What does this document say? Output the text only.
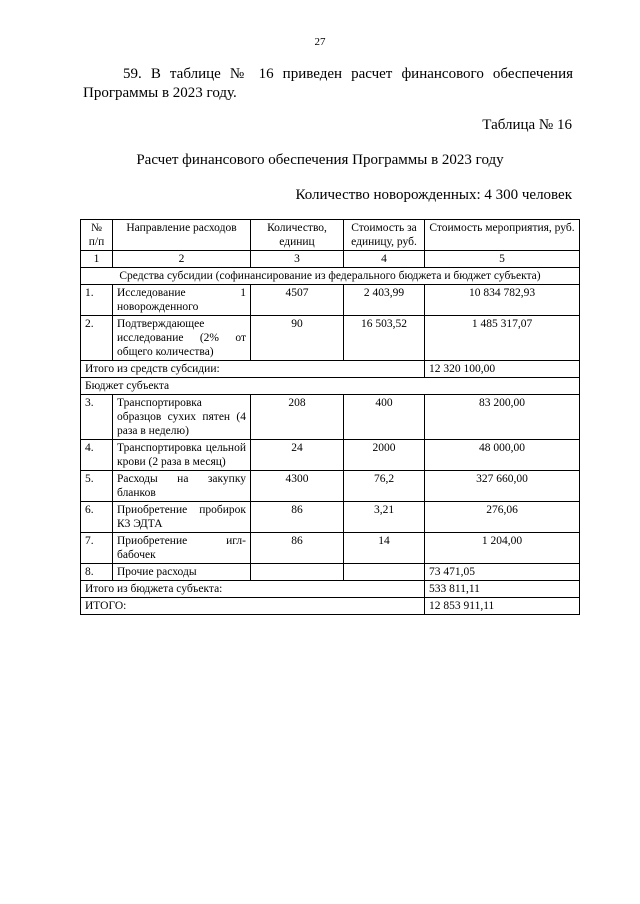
27

59. В таблице № 16 приведен расчет финансового обеспечения Программы в 2023 году.

Таблица № 16
Расчет финансового обеспечения Программы в 2023 году
Количество новорожденных: 4 300 человек
№ п/п	Направление расходов	Количество, единиц	Стоимость за единицу, руб.	Стоимость мероприятия, руб.
1	2	3	4	5
Средства субсидии (софинансирование из федерального бюджета и бюджет субъекта)				
1.	Исследование 1 новорожденного	4507	2 403,99	10 834 782,93
2.	Подтверждающее исследование (2% от общего количества)	90	16 503,52	1 485 317,07
Итого из средств субсидии:				12 320 100,00
Бюджет субъекта				
3.	Транспортировка образцов сухих пятен (4 раза в неделю)	208	400	83 200,00
4.	Транспортировка цельной крови (2 раза в месяц)	24	2000	48 000,00
5.	Расходы на закупку бланков	4300	76,2	327 660,00
6.	Приобретение пробирок К3 ЭДТА	86	3,21	276,06
7.	Приобретение игл-бабочек	86	14	1 204,00
8.	Прочие расходы			73 471,05
Итого из бюджета субъекта:				533 811,11
ИТОГО:				12 853 911,11
